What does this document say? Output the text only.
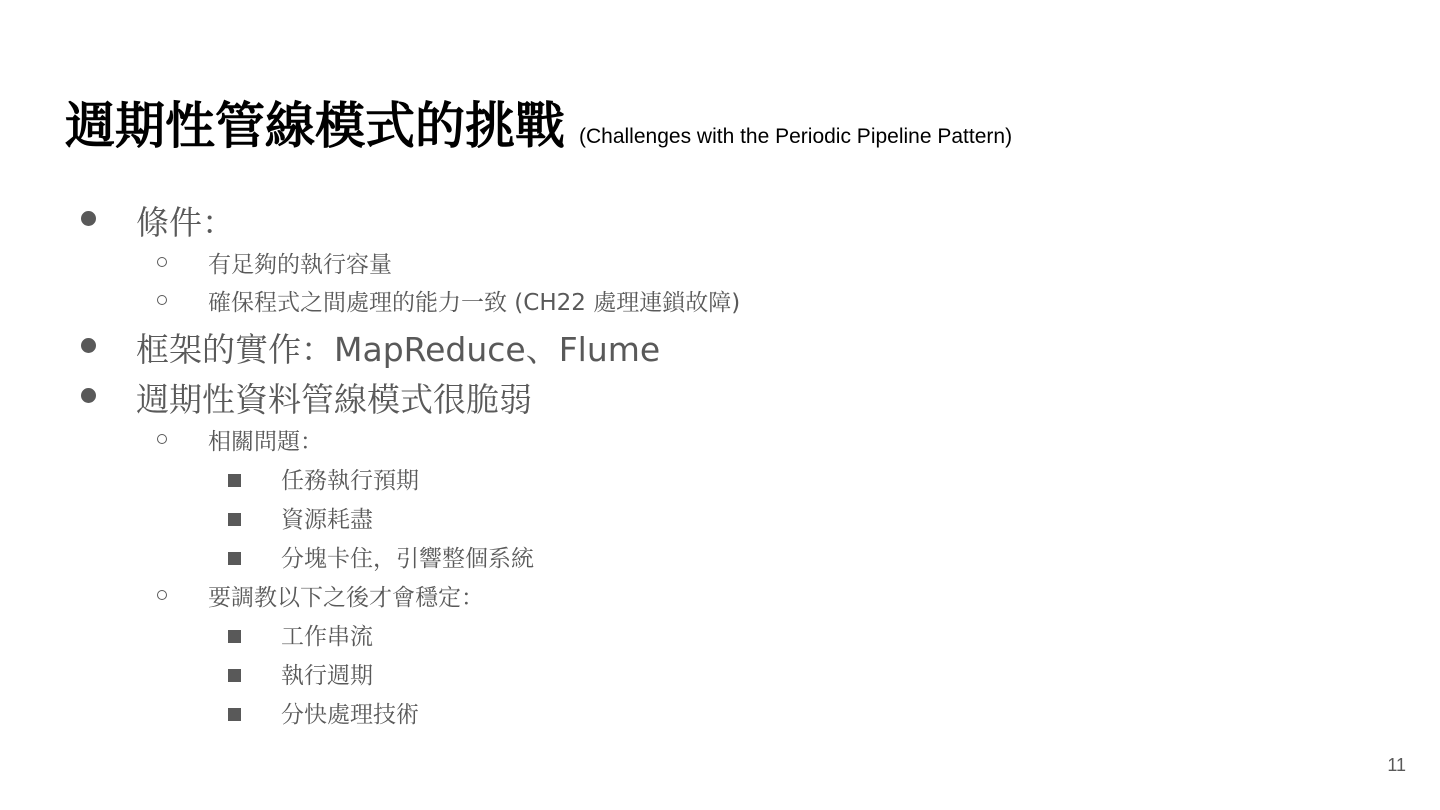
週期性管線模式的挑戰 (Challenges with the Periodic Pipeline Pattern)
條件：
有足夠的執行容量
確保程式之間處理的能力一致 (CH22 處理連鎖故障)
框架的實作：MapReduce、Flume
週期性資料管線模式很脆弱
相關問題：
任務執行預期
資源耗盡
分塊卡住，引響整個系統
要調教以下之後才會穩定：
工作串流
執行週期
分快處理技術
11
